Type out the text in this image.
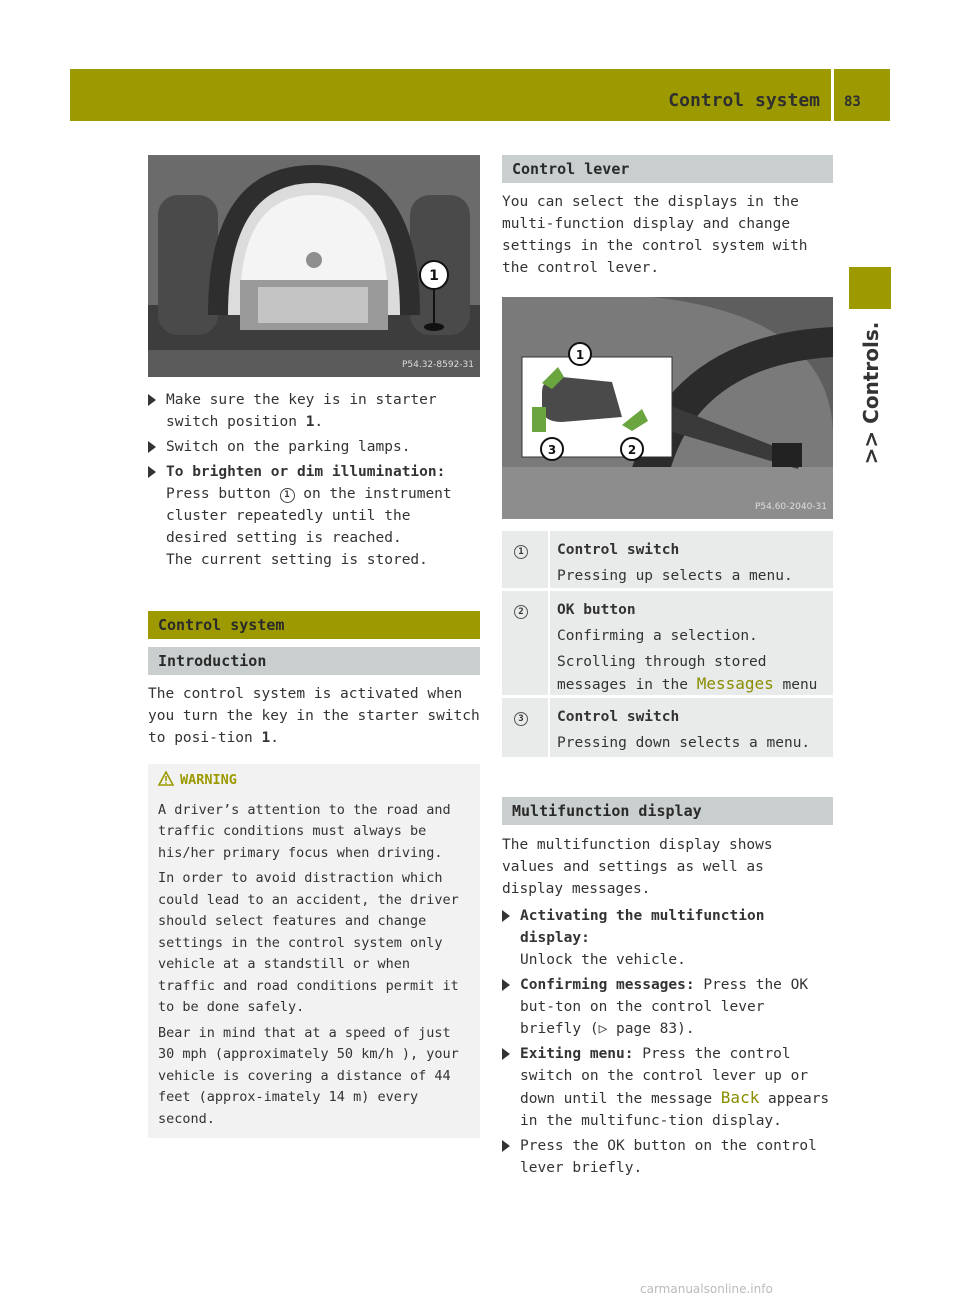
Control system 83
>> Controls.
1
P54.32-8592-31
Make sure the key is in starter switch position 1.
Switch on the parking lamps.
To brighten or dim illumination: Press button 1 on the instrument cluster repeatedly until the desired setting is reached.
The current setting is stored.
Control system
Introduction
The control system is activated when you turn the key in the starter switch to posi-tion 1.
WARNING

A driver’s attention to the road and traffic conditions must always be his/her primary focus when driving.

In order to avoid distraction which could lead to an accident, the driver should select features and change settings in the control system only vehicle at a standstill or when traffic and road conditions permit it to be done safely.

Bear in mind that at a speed of just 30 mph (approximately 50 km/h ), your vehicle is covering a distance of 44 feet (approx-imately 14 m) every second.

Control lever
You can select the displays in the multi-function display and change settings in the control system with the control lever.
1
2
3
P54.60-2040-31
1 Control switch

Pressing up selects a menu.

2 OK button

Confirming a selection.

Scrolling through stored messages in the Messages menu

3 Control switch

Pressing down selects a menu.

Multifunction display
The multifunction display shows values and settings as well as display messages.
Activating the multifunction display:
Unlock the vehicle.
Confirming messages: Press the OK but-ton on the control lever briefly (▷ page 83).
Exiting menu: Press the control switch on the control lever up or down until the message Back appears in the multifunc-tion display.
Press the OK button on the control lever briefly.
carmanualsonline.info
